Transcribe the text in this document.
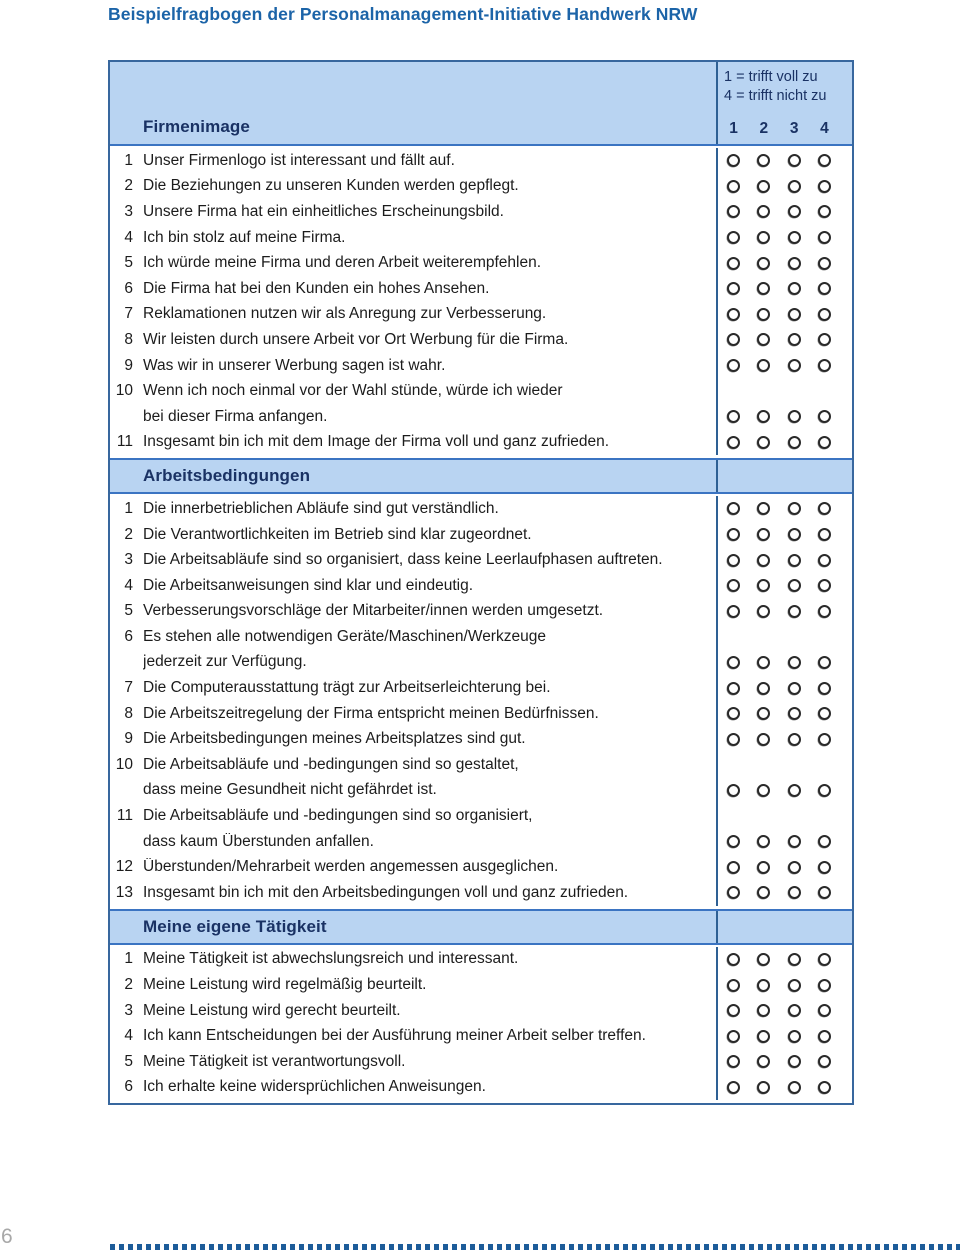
Beispielfragbogen der Personalmanagement-Initiative Handwerk NRW
Firmenimage
1 = trifft voll zu
4 = trifft nicht zu
1 2 3 4
1 Unser Firmenlogo ist interessant und fällt auf.
2 Die Beziehungen zu unseren Kunden werden gepflegt.
3 Unsere Firma hat ein einheitliches Erscheinungsbild.
4 Ich bin stolz auf meine Firma.
5 Ich würde meine Firma und deren Arbeit weiterempfehlen.
6 Die Firma hat bei den Kunden ein hohes Ansehen.
7 Reklamationen nutzen wir als Anregung zur Verbesserung.
8 Wir leisten durch unsere Arbeit vor Ort Werbung für die Firma.
9 Was wir in unserer Werbung sagen ist wahr.
10 Wenn ich noch einmal vor der Wahl stünde, würde ich wieder
bei dieser Firma anfangen.
11 Insgesamt bin ich mit dem Image der Firma voll und ganz zufrieden.
Arbeitsbedingungen
1 Die innerbetrieblichen Abläufe sind gut verständlich.
2 Die Verantwortlichkeiten im Betrieb sind klar zugeordnet.
3 Die Arbeitsabläufe sind so organisiert, dass keine Leerlaufphasen auftreten.
4 Die Arbeitsanweisungen sind klar und eindeutig.
5 Verbesserungsvorschläge der Mitarbeiter/innen werden umgesetzt.
6 Es stehen alle notwendigen Geräte/Maschinen/Werkzeuge
jederzeit zur Verfügung.
7 Die Computerausstattung trägt zur Arbeitserleichterung bei.
8 Die Arbeitszeitregelung der Firma entspricht meinen Bedürfnissen.
9 Die Arbeitsbedingungen meines Arbeitsplatzes sind gut.
10 Die Arbeitsabläufe und -bedingungen sind so gestaltet,
dass meine Gesundheit nicht gefährdet ist.
11 Die Arbeitsabläufe und -bedingungen sind so organisiert,
dass kaum Überstunden anfallen.
12 Überstunden/Mehrarbeit werden angemessen ausgeglichen.
13 Insgesamt bin ich mit den Arbeitsbedingungen voll und ganz zufrieden.
Meine eigene Tätigkeit
1 Meine Tätigkeit ist abwechslungsreich und interessant.
2 Meine Leistung wird regelmäßig beurteilt.
3 Meine Leistung wird gerecht beurteilt.
4 Ich kann Entscheidungen bei der Ausführung meiner Arbeit selber treffen.
5 Meine Tätigkeit ist verantwortungsvoll.
6 Ich erhalte keine widersprüchlichen Anweisungen.
6
